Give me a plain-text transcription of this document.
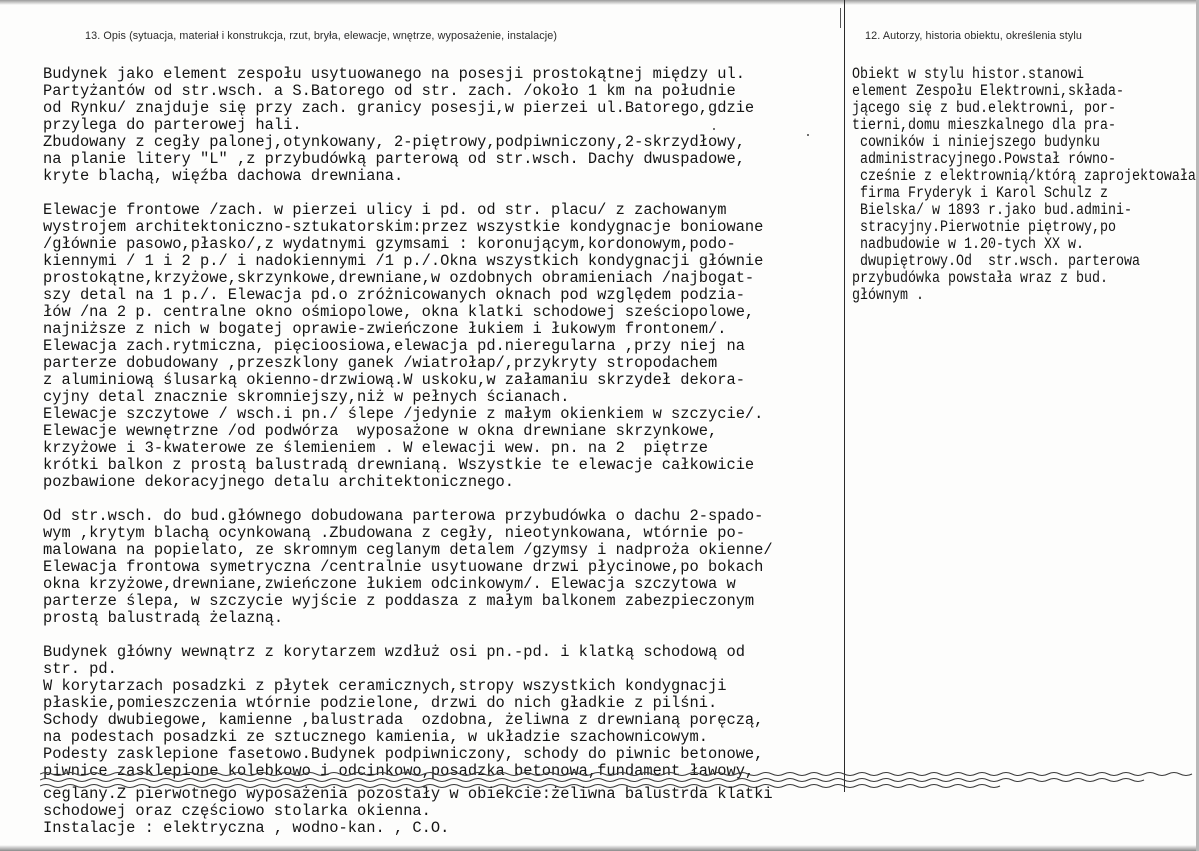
13. Opis (sytuacja, materiał i konstrukcja, rzut, bryła, elewacje, wnętrze, wyposażenie, instalacje)	12. Autorzy, historia obiektu, określenia stylu
Budynek jako element zespołu usytuowanego na posesji prostokątnej między ul.
Partyżantów od str.wsch. a S.Batorego od str. zach. /około 1 km na południe
od Rynku/ znajduje się przy zach. granicy posesji,w pierzei ul.Batorego,gdzie
przylega do parterowej hali.
Zbudowany z cegły palonej,otynkowany, 2-piętrowy,podpiwniczony,2-skrzydłowy,
na planie litery "L" ,z przybudówką parterową od str.wsch. Dachy dwuspadowe,
kryte blachą, więźba dachowa drewniana.
Elewacje frontowe /zach. w pierzei ulicy i pd. od str. placu/ z zachowanym
wystrojem architektoniczno-sztukatorskim:przez wszystkie kondygnacje boniowane
/głównie pasowo,płasko/,z wydatnymi gzymsami : koronującym,kordonowym,podo-
kiennymi / 1 i 2 p./ i nadokiennymi /1 p./.Okna wszystkich kondygnacji głównie
prostokątne,krzyżowe,skrzynkowe,drewniane,w ozdobnych obramieniach /najbogat-
szy detal na 1 p./. Elewacja pd.o zróżnicowanych oknach pod względem podzia-
łów /na 2 p. centralne okno ośmiopolowe, okna klatki schodowej sześciopolowe,
najniższe z nich w bogatej oprawie-zwieńczone łukiem i łukowym frontonem/.
Elewacja zach.rytmiczna, pięcioosiowa,elewacja pd.nieregularna ,przy niej na
parterze dobudowany ,przeszklony ganek /wiatrołap/,przykryty stropodachem
z aluminiową ślusarką okienno-drzwiową.W uskoku,w załamaniu skrzydeł dekora-
cyjny detal znacznie skromniejszy,niż w pełnych ścianach.
Elewacje szczytowe / wsch.i pn./ ślepe /jedynie z małym okienkiem w szczycie/.
Elewacje wewnętrzne /od podwórza  wyposażone w okna drewniane skrzynkowe,
krzyżowe i 3-kwaterowe ze ślemieniem . W elewacji wew. pn. na 2  piętrze
krótki balkon z prostą balustradą drewnianą. Wszystkie te elewacje całkowicie
pozbawione dekoracyjnego detalu architektonicznego.
Od str.wsch. do bud.głównego dobudowana parterowa przybudówka o dachu 2-spado-
wym ,krytym blachą ocynkowaną .Zbudowana z cegły, nieotynkowana, wtórnie po-
malowana na popielato, ze skromnym ceglanym detalem /gzymsy i nadproża okienne/
Elewacja frontowa symetryczna /centralnie usytuowane drzwi płycinowe,po bokach
okna krzyżowe,drewniane,zwieńczone łukiem odcinkowym/. Elewacja szczytowa w
parterze ślepa, w szczycie wyjście z poddasza z małym balkonem zabezpieczonym
prostą balustradą żelazną.
Budynek główny wewnątrz z korytarzem wzdłuż osi pn.-pd. i klatką schodową od
str. pd.
W korytarzach posadzki z płytek ceramicznych,stropy wszystkich kondygnacji
płaskie,pomieszczenia wtórnie podzielone, drzwi do nich gładkie z pilśni.
Schody dwubiegowe, kamienne ,balustrada  ozdobna, żeliwna z drewnianą poręczą,
na podestach posadzki ze sztucznego kamienia, w układzie szachownicowym.
Podesty zasklepione fasetowo.Budynek podpiwniczony, schody do piwnic betonowe,
piwnice zasklepione kolebkowo i odcinkowo,posadzka betonowa,fundament ławowy,
Obiekt w stylu histor.stanowi
element Zespołu Elektrowni,składa-
jącego się z bud.elektrowni, por-
tierni,domu mieszkalnego dla pra-
cowników i niniejszego budynku
administracyjnego.Powstał równo-
cześnie z elektrownią/którą zaprojektowała
firma Fryderyk i Karol Schulz z
Bielska/ w 1893 r.jako bud.admini-
stracyjny.Pierwotnie piętrowy,po
nadbudowie w 1.20-tych XX w.
dwupiętrowy.Od  str.wsch. parterowa
przybudówka powstała wraz z bud.
głównym .
ceglany.Z pierwotnego wyposażenia pozostały w obiekcie:żeliwna balustrda klatki
schodowej oraz częściowo stolarka okienna.
Instalacje : elektryczna , wodno-kan. , C.O.
